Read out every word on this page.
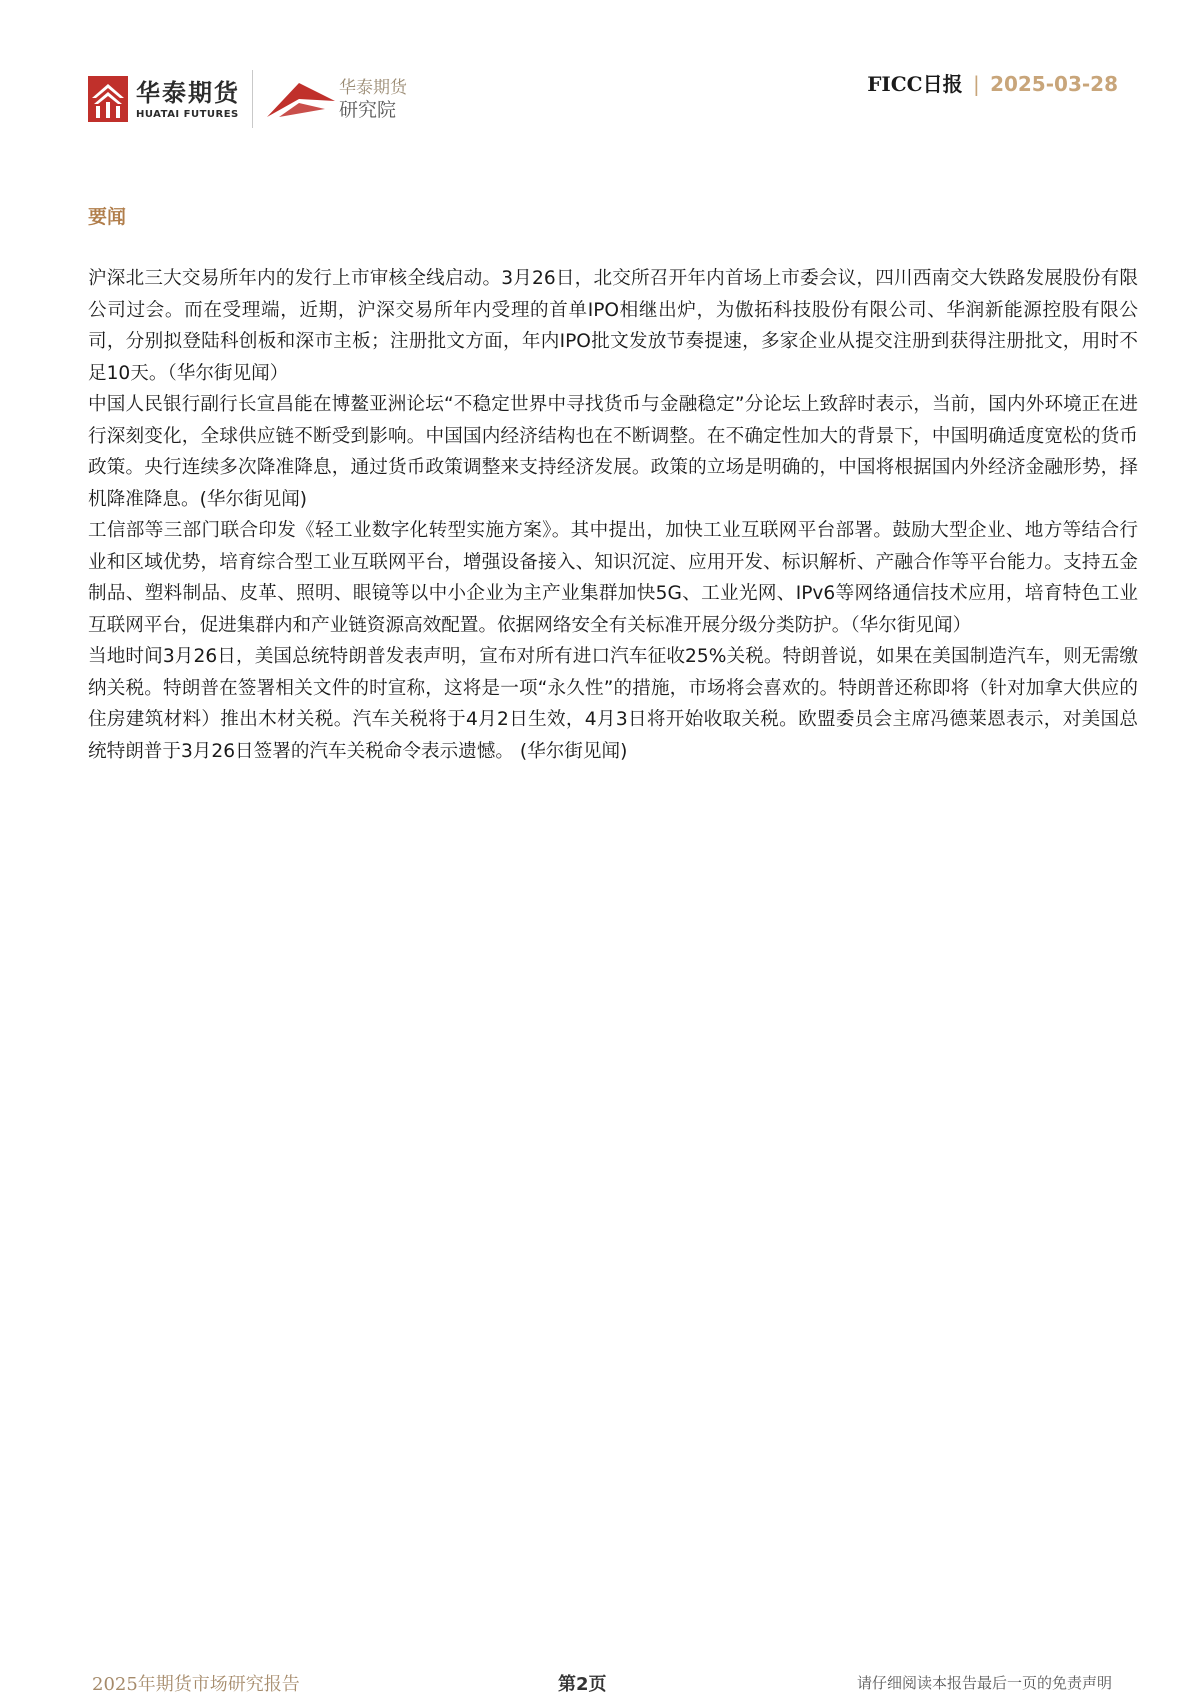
华泰期货
HUATAI FUTURES
华泰期货
研究院
FICC日报 | 2025-03-28
要闻

沪深北三大交易所年内的发行上市审核全线启动。3月26日，北交所召开年内首场上市委会议，四川西南交大铁路发展股份有限公司过会。而在受理端，近期，沪深交易所年内受理的首单IPO相继出炉，为傲拓科技股份有限公司、华润新能源控股有限公司，分别拟登陆科创板和深市主板；注册批文方面，年内IPO批文发放节奏提速，多家企业从提交注册到获得注册批文，用时不足10天。（华尔街见闻）

中国人民银行副行长宣昌能在博鳌亚洲论坛“不稳定世界中寻找货币与金融稳定”分论坛上致辞时表示，当前，国内外环境正在进行深刻变化，全球供应链不断受到影响。中国国内经济结构也在不断调整。在不确定性加大的背景下，中国明确适度宽松的货币政策。央行连续多次降准降息，通过货币政策调整来支持经济发展。政策的立场是明确的，中国将根据国内外经济金融形势，择机降准降息。(华尔街见闻)

工信部等三部门联合印发《轻工业数字化转型实施方案》。其中提出，加快工业互联网平台部署。鼓励大型企业、地方等结合行业和区域优势，培育综合型工业互联网平台，增强设备接入、知识沉淀、应用开发、标识解析、产融合作等平台能力。支持五金制品、塑料制品、皮革、照明、眼镜等以中小企业为主产业集群加快5G、工业光网、IPv6等网络通信技术应用，培育特色工业互联网平台，促进集群内和产业链资源高效配置。依据网络安全有关标准开展分级分类防护。（华尔街见闻）

当地时间3月26日，美国总统特朗普发表声明，宣布对所有进口汽车征收25%关税。特朗普说，如果在美国制造汽车，则无需缴纳关税。特朗普在签署相关文件的时宣称，这将是一项“永久性”的措施，市场将会喜欢的。特朗普还称即将（针对加拿大供应的住房建筑材料）推出木材关税。汽车关税将于4月2日生效，4月3日将开始收取关税。欧盟委员会主席冯德莱恩表示，对美国总统特朗普于3月26日签署的汽车关税命令表示遗憾。 (华尔街见闻)

2025年期货市场研究报告	第2页	请仔细阅读本报告最后一页的免责声明
